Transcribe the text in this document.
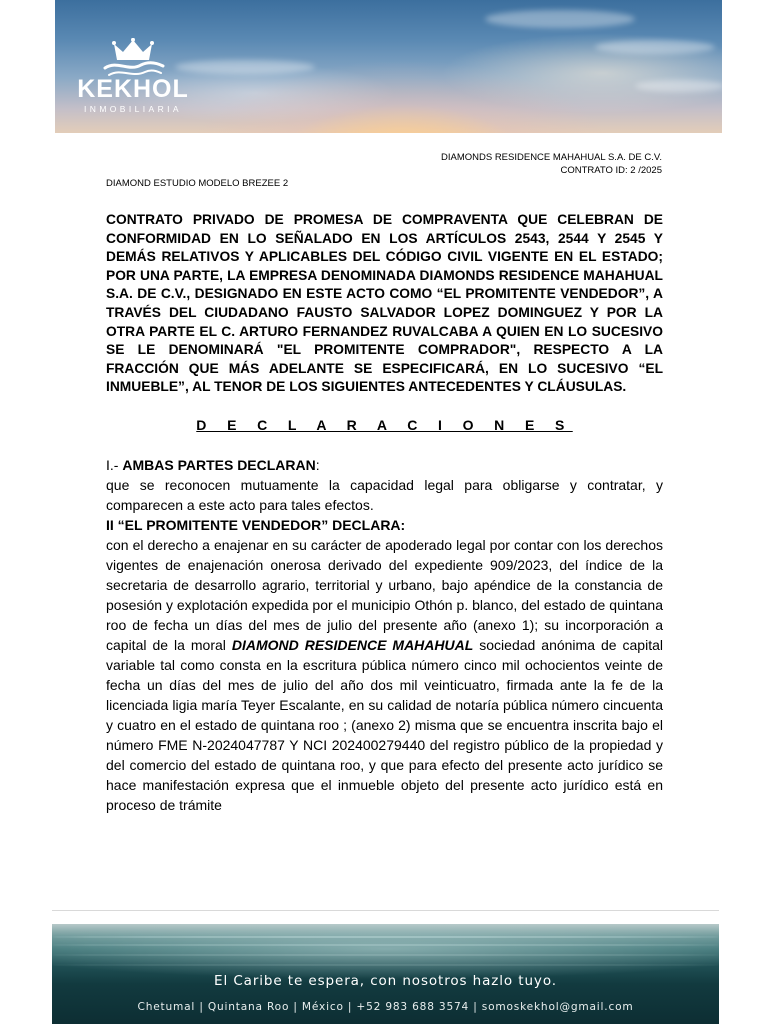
KEKHOL
INMOBILIARIA
DIAMONDS RESIDENCE MAHAHUAL S.A. DE C.V.
CONTRATO ID: 2 /2025
DIAMOND ESTUDIO MODELO BREZEE 2

CONTRATO PRIVADO DE PROMESA DE COMPRAVENTA QUE CELEBRAN DE CONFORMIDAD EN LO SEÑALADO EN LOS ARTÍCULOS 2543, 2544 Y 2545 Y DEMÁS RELATIVOS Y APLICABLES DEL CÓDIGO CIVIL VIGENTE EN EL ESTADO; POR UNA PARTE, LA EMPRESA DENOMINADA DIAMONDS RESIDENCE MAHAHUAL S.A. DE C.V., DESIGNADO EN ESTE ACTO COMO “EL PROMITENTE VENDEDOR”, A TRAVÉS DEL CIUDADANO FAUSTO SALVADOR LOPEZ DOMINGUEZ Y POR LA OTRA PARTE EL C. ARTURO FERNANDEZ RUVALCABA A QUIEN EN LO SUCESIVO SE LE DENOMINARÁ "EL PROMITENTE COMPRADOR", RESPECTO A LA FRACCIÓN QUE MÁS ADELANTE SE ESPECIFICARÁ, EN LO SUCESIVO “EL INMUEBLE”, AL TENOR DE LOS SIGUIENTES ANTECEDENTES Y CLÁUSULAS.

D E C L A R A C I O N E S

I.- AMBAS PARTES DECLARAN:

que se reconocen mutuamente la capacidad legal para obligarse y contratar, y comparecen a este acto para tales efectos.

II “EL PROMITENTE VENDEDOR” DECLARA:

con el derecho a enajenar en su carácter de apoderado legal por contar con los derechos vigentes de enajenación onerosa derivado del expediente 909/2023, del índice de la secretaria de desarrollo agrario, territorial y urbano, bajo apéndice de la constancia de posesión y explotación expedida por el municipio Othón p. blanco, del estado de quintana roo de fecha un días del mes de julio del presente año (anexo 1); su incorporación a capital de la moral DIAMOND RESIDENCE MAHAHUAL sociedad anónima de capital variable tal como consta en la escritura pública número cinco mil ochocientos veinte de fecha un días del mes de julio del año dos mil veinticuatro, firmada ante la fe de la licenciada ligia maría Teyer Escalante, en su calidad de notaría pública número cincuenta y cuatro en el estado de quintana roo ; (anexo 2) misma que se encuentra inscrita bajo el número FME N-2024047787 Y NCI 202400279440 del registro público de la propiedad y del comercio del estado de quintana roo, y que para efecto del presente acto jurídico se hace manifestación expresa que el inmueble objeto del presente acto jurídico está en proceso de trámite

El Caribe te espera, con nosotros hazlo tuyo.
Chetumal | Quintana Roo | México | +52 983 688 3574 | somoskekhol@gmail.com
